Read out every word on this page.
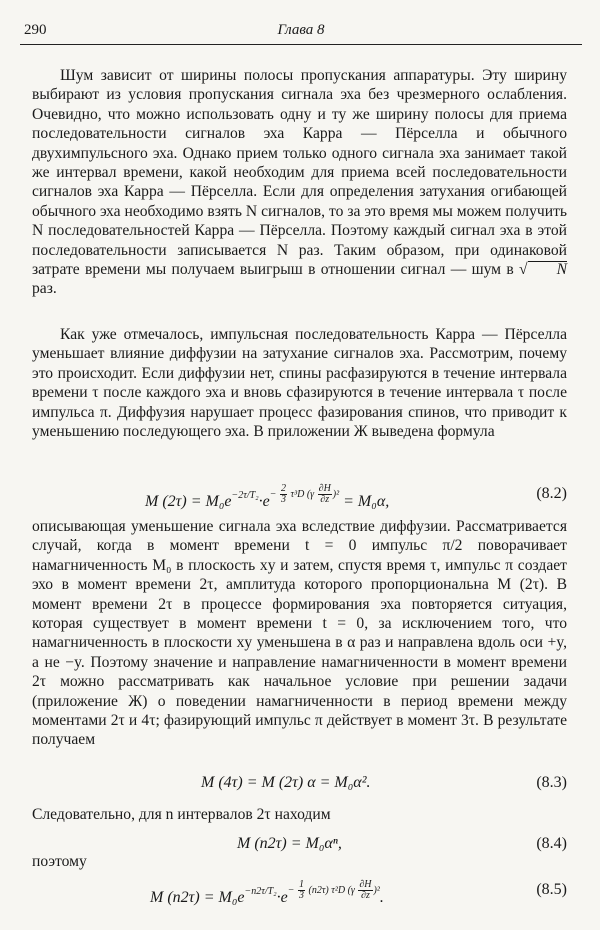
290	Глава 8

Шум зависит от ширины полосы пропускания аппаратуры. Эту ширину выбирают из условия пропускания сигнала эха без чрезмерного ослабления. Очевидно, что можно использовать одну и ту же ширину полосы для приема последовательности сигналов эха Карра — Пёрселла и обычного двухимпульсного эха. Однако прием только одного сигнала эха занимает такой же интервал времени, какой необходим для приема всей последовательности сигналов эха Карра — Пёрселла. Если для определения затухания огибающей обычного эха необходимо взять N сигналов, то за это время мы можем получить N последовательностей Карра — Пёрселла. Поэтому каждый сигнал эха в этой последовательности записывается N раз. Таким образом, при одинаковой затрате времени мы получаем выигрыш в отношении сигнал — шум в √ N раз.

Как уже отмечалось, импульсная последовательность Карра — Пёрселла уменьшает влияние диффузии на затухание сигналов эха. Рассмотрим, почему это происходит. Если диффузии нет, спины расфазируются в течение интервала времени τ после каждого эха и вновь сфазируются в течение интервала τ после импульса π. Диффузия нарушает процесс фазирования спинов, что приводит к уменьшению последующего эха. В приложении Ж выведена формула

M $(2\tau) = M_0e^{-2\tau/T_2}\cdot e^{- \frac{2}{3} \tau^3D (\gamma \frac{\partial H}{\partial z} )^2} = M_0\alpha$,	(8.2)

описывающая уменьшение сигнала эха вследствие диффузии. Рассматривается случай, когда в момент времени t = 0 импульс π/2 поворачивает намагниченность M₀ в плоскость xy и затем, спустя время τ, импульс π создает эхо в момент времени 2τ, амплитуда которого пропорциональна M (2τ). В момент времени 2τ в процессе формирования эха повторяется ситуация, которая существует в момент времени t = 0, за исключением того, что намагниченность в плоскости xy уменьшена в α раз и направлена вдоль оси +y, а не −y. Поэтому значение и направление намагниченности в момент времени 2τ можно рассматривать как начальное условие при решении задачи (приложение Ж) о поведении намагниченности в период времени между моментами 2τ и 4τ; фазирующий импульс π действует в момент 3τ. В результате получаем

M (4τ) = M (2τ) α = M₀α².	(8.3)

Следовательно, для n интервалов 2τ находим

M (n2τ) = M₀αⁿ,	(8.4)

поэтому

M $(n2\tau) = M_0e^{-n2\tau/T_2}\cdot e^{- \frac{1}{3} (n2\tau) \tau^2D (\gamma \frac{\partial H}{\partial z} )^2}$.	(8.5)
